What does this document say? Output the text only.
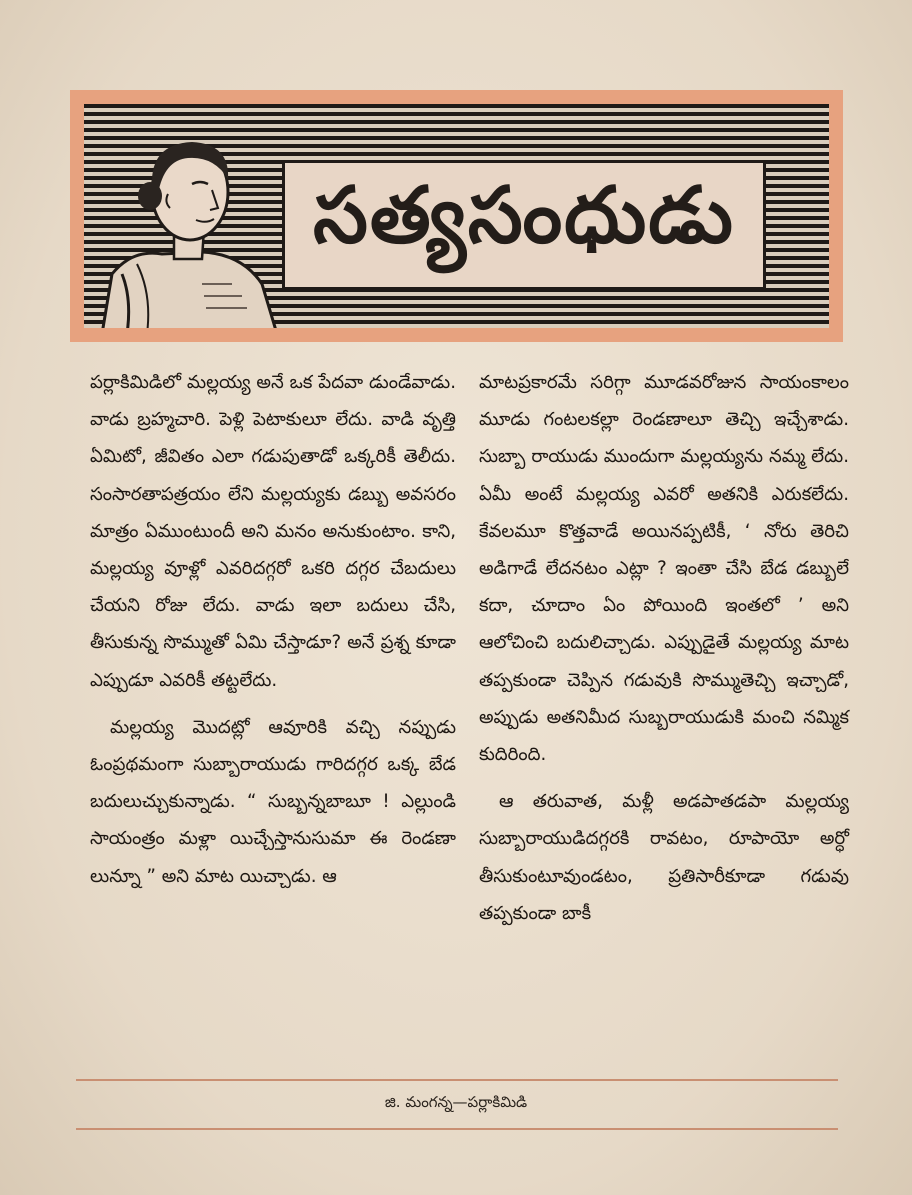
సత్యసంధుడు

పర్లాకిమిడిలో మల్లయ్య అనే ఒక పేదవా డుండేవాడు. వాడు బ్రహ్మచారి. పెళ్లి పెటాకులూ లేదు. వాడి వృత్తి ఏమిటో, జీవితం ఎలా గడుపుతాడో ఒక్కరికీ తెలీదు. సంసారతాపత్రయం లేని మల్లయ్యకు డబ్బు అవసరం మాత్రం ఏముంటుందీ అని మనం అనుకుంటాం. కాని, మల్లయ్య వూళ్లో ఎవరిదగ్గరో ఒకరి దగ్గర చేబదులు చేయని రోజు లేదు. వాడు ఇలా బదులు చేసి, తీసుకున్న సొమ్ముతో ఏమి చేస్తాడూ? అనే ప్రశ్న కూడా ఎప్పుడూ ఎవరికీ తట్టలేదు.

మల్లయ్య మొదట్లో ఆవూరికి వచ్చి నప్పుడు ఓంప్రథమంగా సుబ్బారాయుడు గారిదగ్గర ఒక్క బేడ బదులుచ్చుకున్నాడు. “ సుబ్బన్నబాబూ ! ఎల్లుండి సాయంత్రం మళ్లా యిచ్చేస్తానుసుమా ఈ రెండణా లున్నూ ” అని మాట యిచ్చాడు. ఆ

మాటప్రకారమే సరిగ్గా మూడవరోజున సాయంకాలం మూడు గంటలకల్లా రెండణాలూ తెచ్చి ఇచ్చేశాడు. సుబ్బా రాయుడు ముందుగా మల్లయ్యను నమ్మ లేదు. ఏమీ అంటే మల్లయ్య ఎవరో అతనికి ఎరుకలేదు. కేవలమూ కొత్తవాడే అయినప్పటికీ, ‘ నోరు తెరిచి అడిగాడే లేదనటం ఎట్లా ? ఇంతా చేసి బేడ డబ్బులే కదా, చూదాం ఏం పోయింది ఇంతలో ’ అని ఆలోచించి బదులిచ్చాడు. ఎప్పుడైతే మల్లయ్య మాట తప్పకుండా చెప్పిన గడువుకి సొమ్ముతెచ్చి ఇచ్చాడో, అప్పుడు అతనిమీద సుబ్బరాయుడుకి మంచి నమ్మిక కుదిరింది.

ఆ తరువాత, మళ్లీ అడపాతడపా మల్లయ్య సుబ్బారాయుడిదగ్గరకి రావటం, రూపాయో అర్ధో తీసుకుంటూవుండటం, ప్రతిసారీకూడా గడువు తప్పకుండా బాకీ

జి. మంగన్న—పర్లాకిమిడి
